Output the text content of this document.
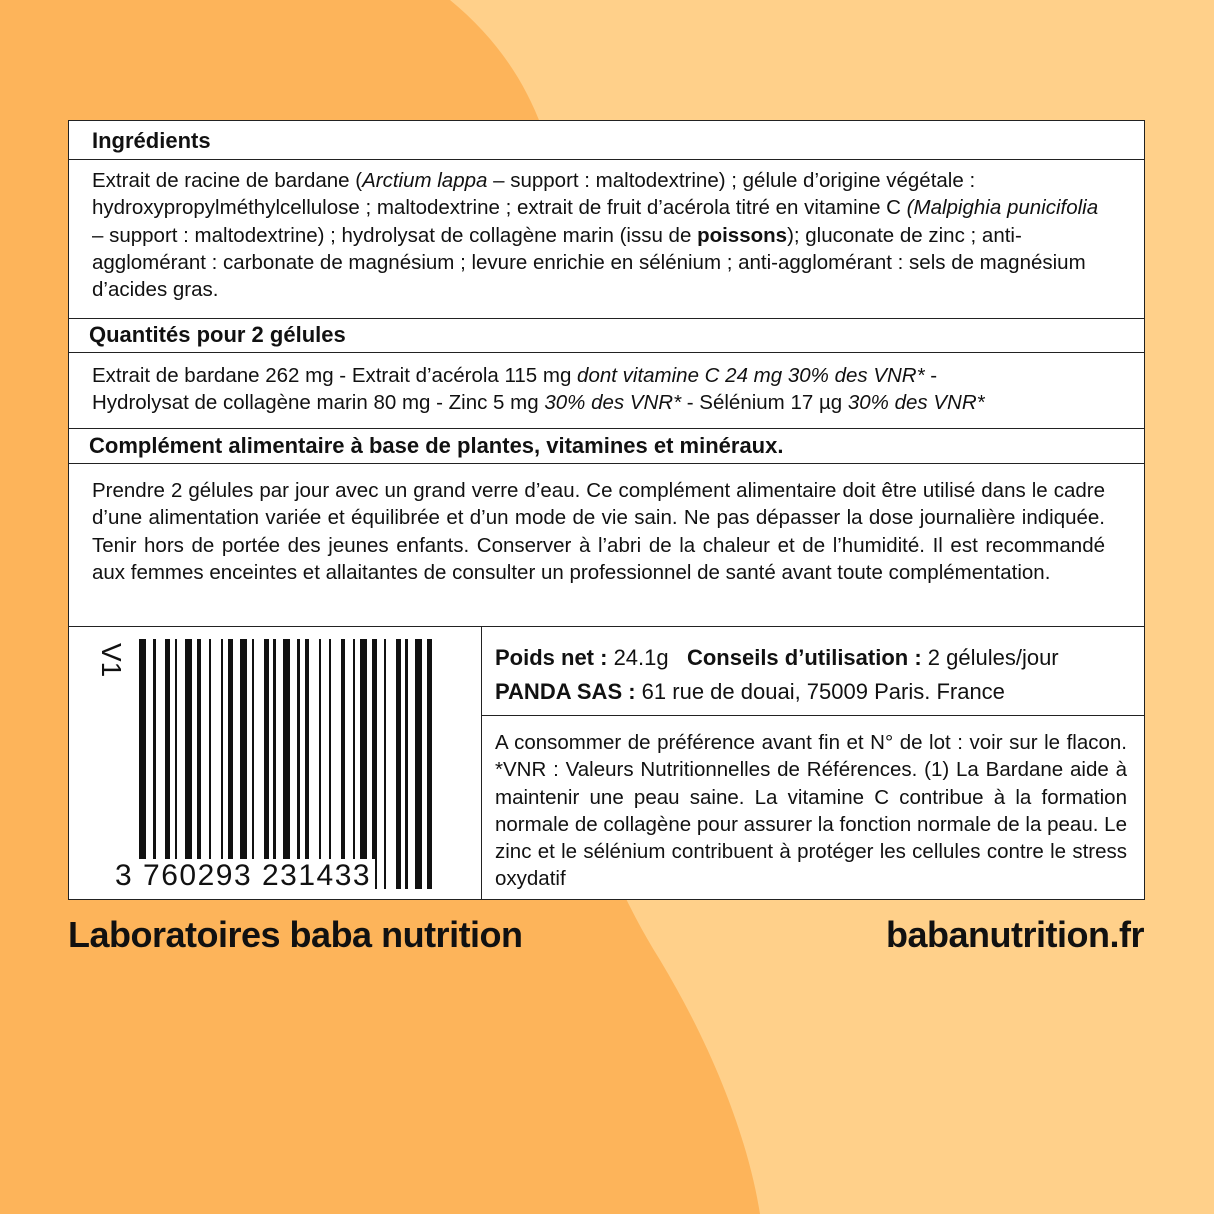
Ingrédients
Extrait de racine de bardane (Arctium lappa – support : maltodextrine) ; gélule d’origine végétale : hydroxypropylméthylcellulose ; maltodextrine ; extrait de fruit d’acérola titré en vitamine C (Malpighia punicifolia – support : maltodextrine) ; hydrolysat de collagène marin (issu de poissons); gluconate de zinc ; anti-agglomérant : carbonate de magnésium ; levure enrichie en sélénium ; anti-agglomérant : sels de magnésium d’acides gras.
Quantités pour 2 gélules
Extrait de bardane 262 mg - Extrait d’acérola 115 mg dont vitamine C 24 mg 30% des VNR* -
Hydrolysat de collagène marin 80 mg - Zinc 5 mg 30% des VNR* - Sélénium 17 µg 30% des VNR*
Complément alimentaire à base de plantes, vitamines et minéraux.
Prendre 2 gélules par jour avec un grand verre d’eau. Ce complément alimentaire doit être utilisé dans le cadre d’une alimentation variée et équilibrée et d’un mode de vie sain. Ne pas dépasser la dose journalière indiquée. Tenir hors de portée des jeunes enfants. Conserver à l’abri de la chaleur et de l’humidité. Il est recommandé aux femmes enceintes et allaitantes de consulter un professionnel de santé avant toute complémentation.
V1
3 760293 231433
Poids net : 24.1g Conseils d’utilisation : 2 gélules/jour
PANDA SAS : 61 rue de douai, 75009 Paris. France
A consommer de préférence avant fin et N° de lot : voir sur le flacon. *VNR : Valeurs Nutritionnelles de Références. (1) La Bardane aide à maintenir une peau saine. La vitamine C contribue à la formation normale de collagène pour assurer la fonction normale de la peau. Le zinc et le sélénium contribuent à protéger les cellules contre le stress oxydatif
Laboratoires baba nutrition	babanutrition.fr
